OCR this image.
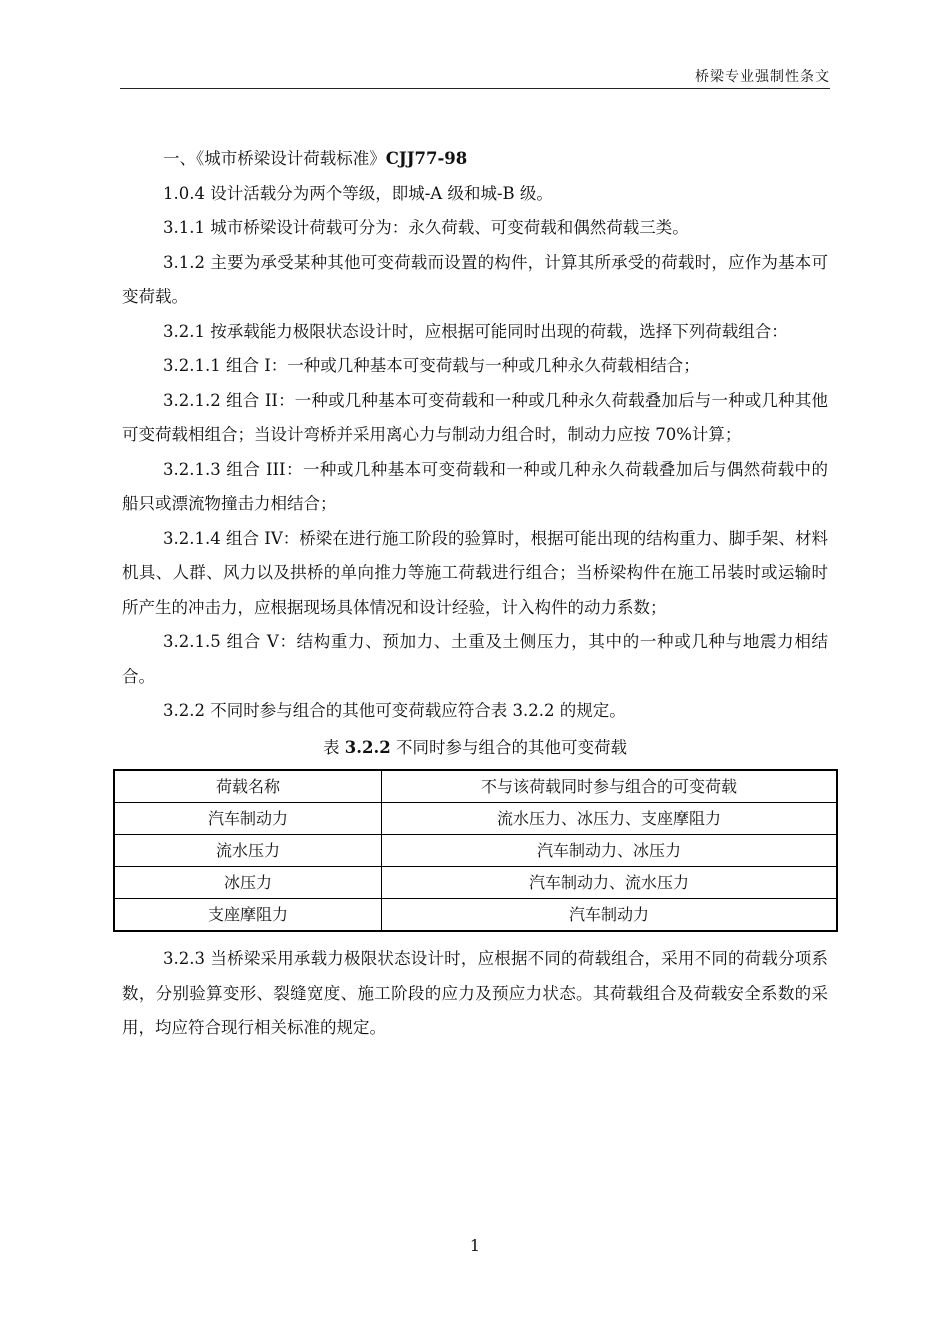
桥梁专业强制性条文

一、《城市桥梁设计荷载标准》CJJ77-98

1.0.4 设计活载分为两个等级，即城-A 级和城-B 级。

3.1.1 城市桥梁设计荷载可分为：永久荷载、可变荷载和偶然荷载三类。

3.1.2 主要为承受某种其他可变荷载而设置的构件，计算其所承受的荷载时，应作为基本可变荷载。

3.2.1 按承载能力极限状态设计时，应根据可能同时出现的荷载，选择下列荷载组合：

3.2.1.1 组合 I：一种或几种基本可变荷载与一种或几种永久荷载相结合；

3.2.1.2 组合 II：一种或几种基本可变荷载和一种或几种永久荷载叠加后与一种或几种其他可变荷载相组合；当设计弯桥并采用离心力与制动力组合时，制动力应按 70%计算；

3.2.1.3 组合 III：一种或几种基本可变荷载和一种或几种永久荷载叠加后与偶然荷载中的船只或漂流物撞击力相结合；

3.2.1.4 组合 IV：桥梁在进行施工阶段的验算时，根据可能出现的结构重力、脚手架、材料机具、人群、风力以及拱桥的单向推力等施工荷载进行组合；当桥梁构件在施工吊装时或运输时所产生的冲击力，应根据现场具体情况和设计经验，计入构件的动力系数；

3.2.1.5 组合 V：结构重力、预加力、土重及土侧压力，其中的一种或几种与地震力相结合。

3.2.2 不同时参与组合的其他可变荷载应符合表 3.2.2 的规定。

表 3.2.2 不同时参与组合的其他可变荷载

荷载名称	不与该荷载同时参与组合的可变荷载
汽车制动力	流水压力、冰压力、支座摩阻力
流水压力	汽车制动力、冰压力
冰压力	汽车制动力、流水压力
支座摩阻力	汽车制动力

3.2.3 当桥梁采用承载力极限状态设计时，应根据不同的荷载组合，采用不同的荷载分项系数，分别验算变形、裂缝宽度、施工阶段的应力及预应力状态。其荷载组合及荷载安全系数的采用，均应符合现行相关标准的规定。

1
